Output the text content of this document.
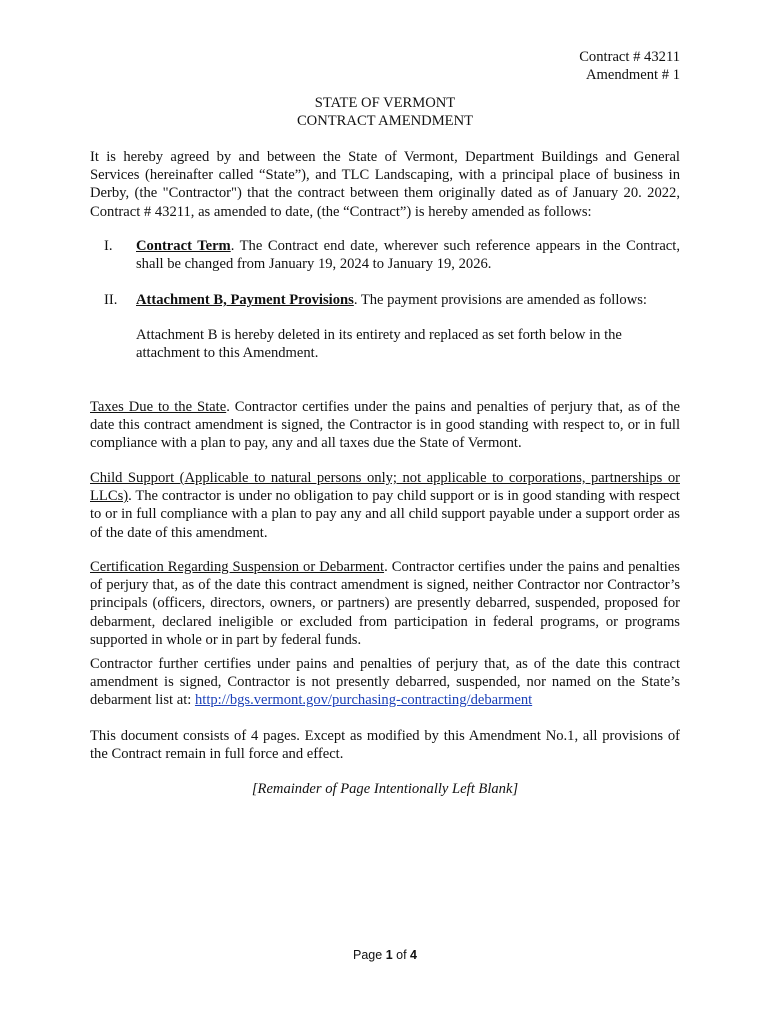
Contract # 43211
Amendment # 1
STATE OF VERMONT
CONTRACT AMENDMENT
It is hereby agreed by and between the State of Vermont, Department Buildings and General Services (hereinafter called “State”), and TLC Landscaping, with a principal place of business in Derby, (the "Contractor") that the contract between them originally dated as of January 20. 2022, Contract # 43211, as amended to date, (the “Contract”) is hereby amended as follows:
I. Contract Term. The Contract end date, wherever such reference appears in the Contract, shall be changed from January 19, 2024 to January 19, 2026.
II. Attachment B, Payment Provisions. The payment provisions are amended as follows:
Attachment B is hereby deleted in its entirety and replaced as set forth below in the attachment to this Amendment.
Taxes Due to the State. Contractor certifies under the pains and penalties of perjury that, as of the date this contract amendment is signed, the Contractor is in good standing with respect to, or in full compliance with a plan to pay, any and all taxes due the State of Vermont.
Child Support (Applicable to natural persons only; not applicable to corporations, partnerships or LLCs). The contractor is under no obligation to pay child support or is in good standing with respect to or in full compliance with a plan to pay any and all child support payable under a support order as of the date of this amendment.
Certification Regarding Suspension or Debarment. Contractor certifies under the pains and penalties of perjury that, as of the date this contract amendment is signed, neither Contractor nor Contractor’s principals (officers, directors, owners, or partners) are presently debarred, suspended, proposed for debarment, declared ineligible or excluded from participation in federal programs, or programs supported in whole or in part by federal funds.
Contractor further certifies under pains and penalties of perjury that, as of the date this contract amendment is signed, Contractor is not presently debarred, suspended, nor named on the State’s debarment list at: http://bgs.vermont.gov/purchasing-contracting/debarment
This document consists of 4 pages. Except as modified by this Amendment No.1, all provisions of the Contract remain in full force and effect.
[Remainder of Page Intentionally Left Blank]
Page 1 of 4
